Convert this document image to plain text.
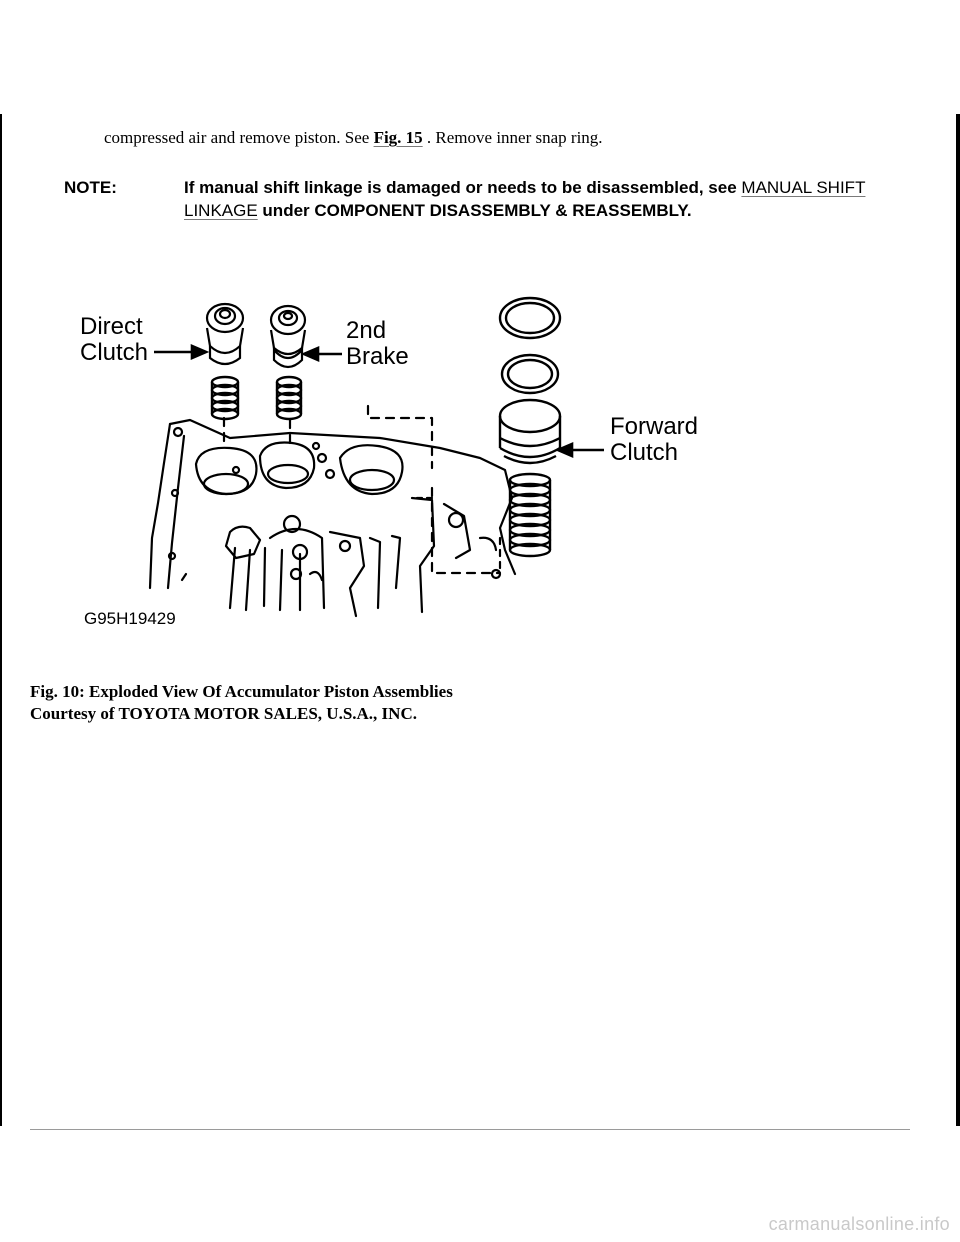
compressed air and remove piston. See Fig. 15 . Remove inner snap ring.
NOTE:	If manual shift linkage is damaged or needs to be disassembled, see MANUAL SHIFT LINKAGE under COMPONENT DISASSEMBLY & REASSEMBLY.
Direct
Clutch
2nd
Brake
Forward
Clutch
G95H19429
Fig. 10: Exploded View Of Accumulator Piston Assemblies
Courtesy of TOYOTA MOTOR SALES, U.S.A., INC.
carmanualsonline.info
